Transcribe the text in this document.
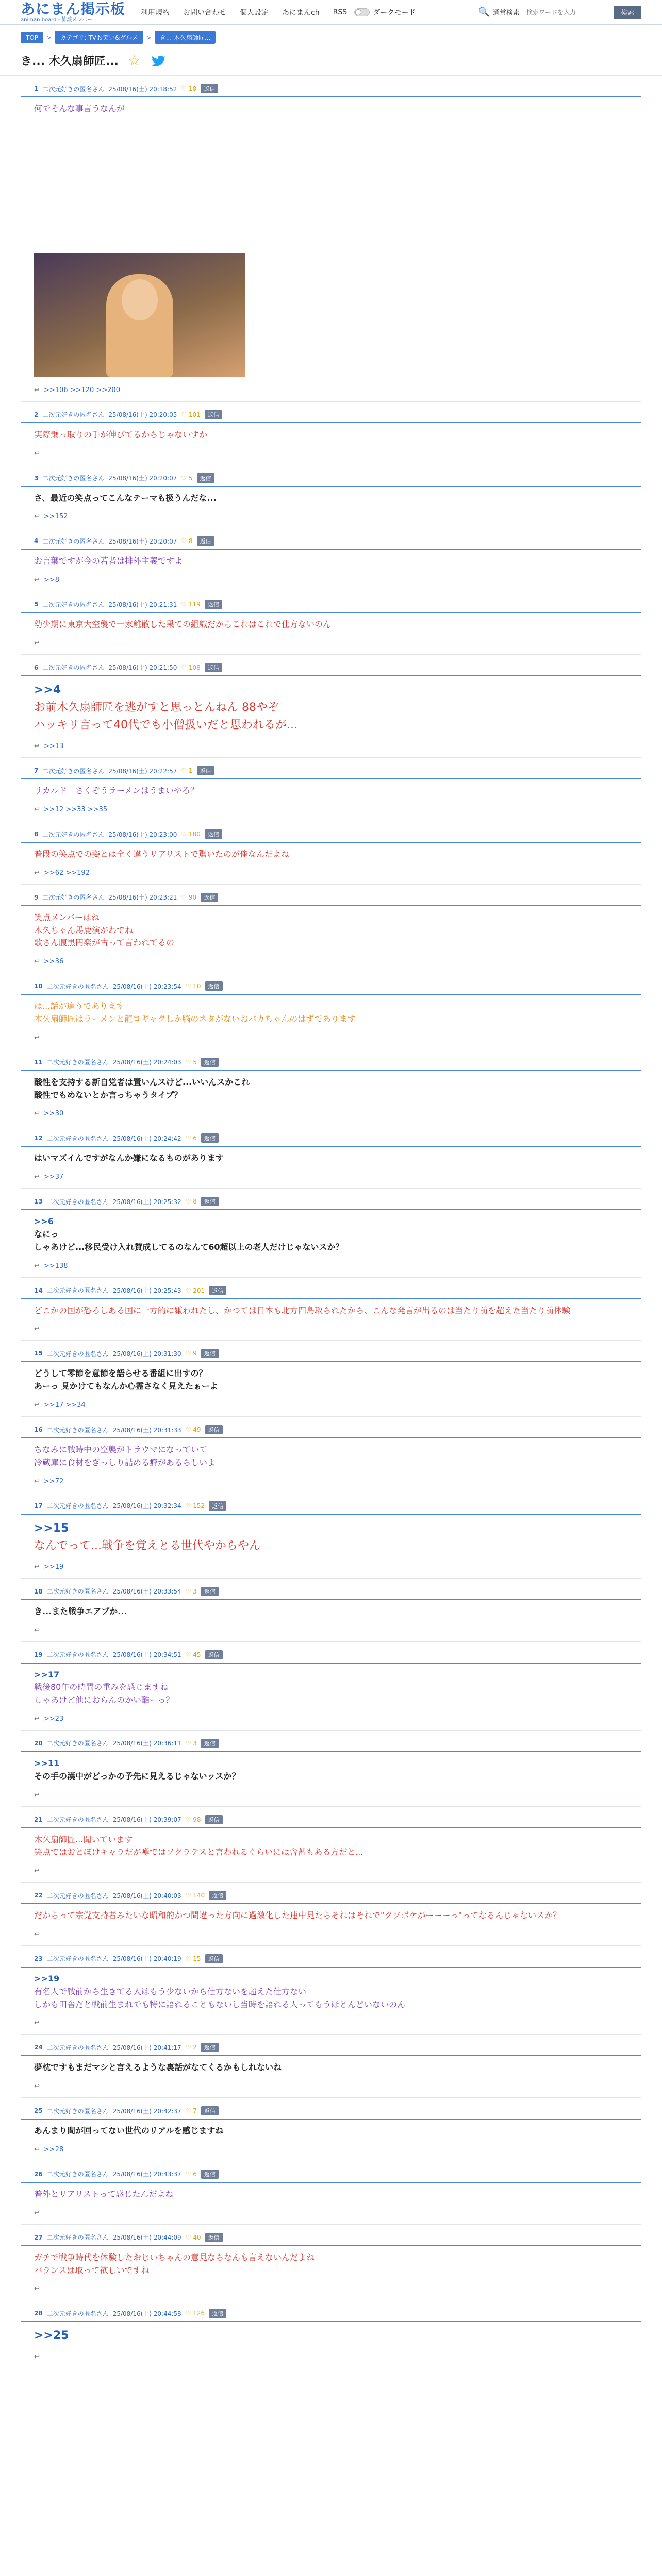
あにまん掲示板
animan board・雑談メンバー
利用規約 お問い合わせ 個人設定 あにまんch RSS	ダークモード	🔍 通常検索
検索ワードを入力	検索
TOP	>	カテゴリ: TVお笑い&グルメ	>	き... 木久扇師匠...
き... 木久扇師匠... ☆
1 二次元好きの匿名さん 25/08/16(土) 20:18:52 ♡ 18	返信
何でそんな事言うなんが
↩ >>106 >>120 >>200
2 二次元好きの匿名さん 25/08/16(土) 20:20:05 ♡ 101	返信
実際乗っ取りの手が伸びてるからじゃないすか
↩
3 二次元好きの匿名さん 25/08/16(土) 20:20:07 ♡ 5	返信
さ、最近の笑点ってこんなテーマも扱うんだな...
↩ >>152
4 二次元好きの匿名さん 25/08/16(土) 20:20:07 ♡ 8	返信
お言葉ですが今の若者は排外主義ですよ
↩ >>8
5 二次元好きの匿名さん 25/08/16(土) 20:21:31 ♡ 119	返信
幼少期に東京大空襲で一家離散した果ての組織だからこれはこれで仕方ないのん
↩
6 二次元好きの匿名さん 25/08/16(土) 20:21:50 ♡ 108	返信
>>4
お前木久扇師匠を逃がすと思っとんねん 88やぞ
ハッキリ言って40代でも小僧扱いだと思われるが...
↩ >>13
7 二次元好きの匿名さん 25/08/16(土) 20:22:57 ♡ 1	返信
リカルド　さくぞうラーメンはうまいやろ？
↩ >>12 >>33 >>35
8 二次元好きの匿名さん 25/08/16(土) 20:23:00 ♡ 180	返信
普段の笑点での姿とは全く違うリアリストで驚いたのが俺なんだよね
↩ >>62 >>192
9 二次元好きの匿名さん 25/08/16(土) 20:23:21 ♡ 90	返信
笑点メンバーはね
木久ちゃん馬鹿演がわでね
歌さん腹黒円楽が古って言われてるの
↩ >>36
10 二次元好きの匿名さん 25/08/16(土) 20:23:54 ♡ 10	返信
は...話が違うであります
木久扇師匠はラーメンと龍ロギャグしか脳のネタがないおバカちゃんのはずであります
↩
11 二次元好きの匿名さん 25/08/16(土) 20:24:03 ♡ 5	返信
酸性を支持する新自党者は置いんスけど...いいんスかこれ
酸性でもめないとか言っちゃうタイプ？
↩ >>30
12 二次元好きの匿名さん 25/08/16(土) 20:24:42 ♡ 6	返信
はいマズイんですがなんか嫌になるものがあります
↩ >>37
13 二次元好きの匿名さん 25/08/16(土) 20:25:32 ♡ 8	返信
>>6
なにっ
しゃあけど...移民受け入れ賛成してるのなんて60超以上の老人だけじゃないスか？
↩ >>138
14 二次元好きの匿名さん 25/08/16(土) 20:25:43 ♡ 201	返信
どこかの国が恐ろしある国に一方的に嫌われたし、かつては日本も北方四島取られたから、こんな発言が出るのは当たり前を超えた当たり前体験
↩
15 二次元好きの匿名さん 25/08/16(土) 20:31:30 ♡ 9	返信
どうして零節を意節を語らせる番組に出すの？
あーっ 見かけてもなんか心霊さなく見えたぁーよ
↩ >>17 >>34
16 二次元好きの匿名さん 25/08/16(土) 20:31:33 ♡ 49	返信
ちなみに戦時中の空襲がトラウマになっていて
冷蔵庫に食材をぎっしり詰める癖があるらしいよ
↩ >>72
17 二次元好きの匿名さん 25/08/16(土) 20:32:34 ♡ 152	返信
>>15
なんでって...戦争を覚えとる世代やからやん
↩ >>19
18 二次元好きの匿名さん 25/08/16(土) 20:33:54 ♡ 3	返信
き...また戦争エアプか...
↩
19 二次元好きの匿名さん 25/08/16(土) 20:34:51 ♡ 45	返信
>>17
戦後80年の時間の重みを感じますね
しゃあけど他におらんのかい酷ーっ？
↩ >>23
20 二次元好きの匿名さん 25/08/16(土) 20:36:11 ♡ 3	返信
>>11
その手の漢中がどっかの予先に見えるじゃないッスか？
↩
21 二次元好きの匿名さん 25/08/16(土) 20:39:07 ♡ 98	返信
木久扇師匠...聞いています
笑点ではおとぼけキャラだが噂ではソクラテスと言われるぐらいには含蓄もある方だと...
↩
22 二次元好きの匿名さん 25/08/16(土) 20:40:03 ♡ 140	返信
だからって宗党支持者みたいな昭和的かつ間違った方向に過激化した連中見たらそれはそれで"クソボケがーーーっ"ってなるんじゃないスか？
↩
23 二次元好きの匿名さん 25/08/16(土) 20:40:19 ♡ 15	返信
>>19
有名人で戦前から生きてる人はもう少ないから仕方ないを超えた仕方ない
しかも田舎だと戦前生まれでも特に語れることもないし当時を語れる人ってもうほとんどいないのん
↩
24 二次元好きの匿名さん 25/08/16(土) 20:41:17 ♡ 2	返信
夢枕ですもまだマシと言えるような裏話がなてくるかもしれないね
↩
25 二次元好きの匿名さん 25/08/16(土) 20:42:37 ♡ 7	返信
あんまり間が回ってない世代のリアルを感じますね
↩ >>28
26 二次元好きの匿名さん 25/08/16(土) 20:43:37 ♡ 6	返信
普外とリアリストって感じたんだよね
↩
27 二次元好きの匿名さん 25/08/16(土) 20:44:09 ♡ 40	返信
ガチで戦争時代を体験したおじいちゃんの意見ならなんも言えないんだよね
バランスは取って欲しいですね
↩
28 二次元好きの匿名さん 25/08/16(土) 20:44:58 ♡ 126	返信
>>25
↩
